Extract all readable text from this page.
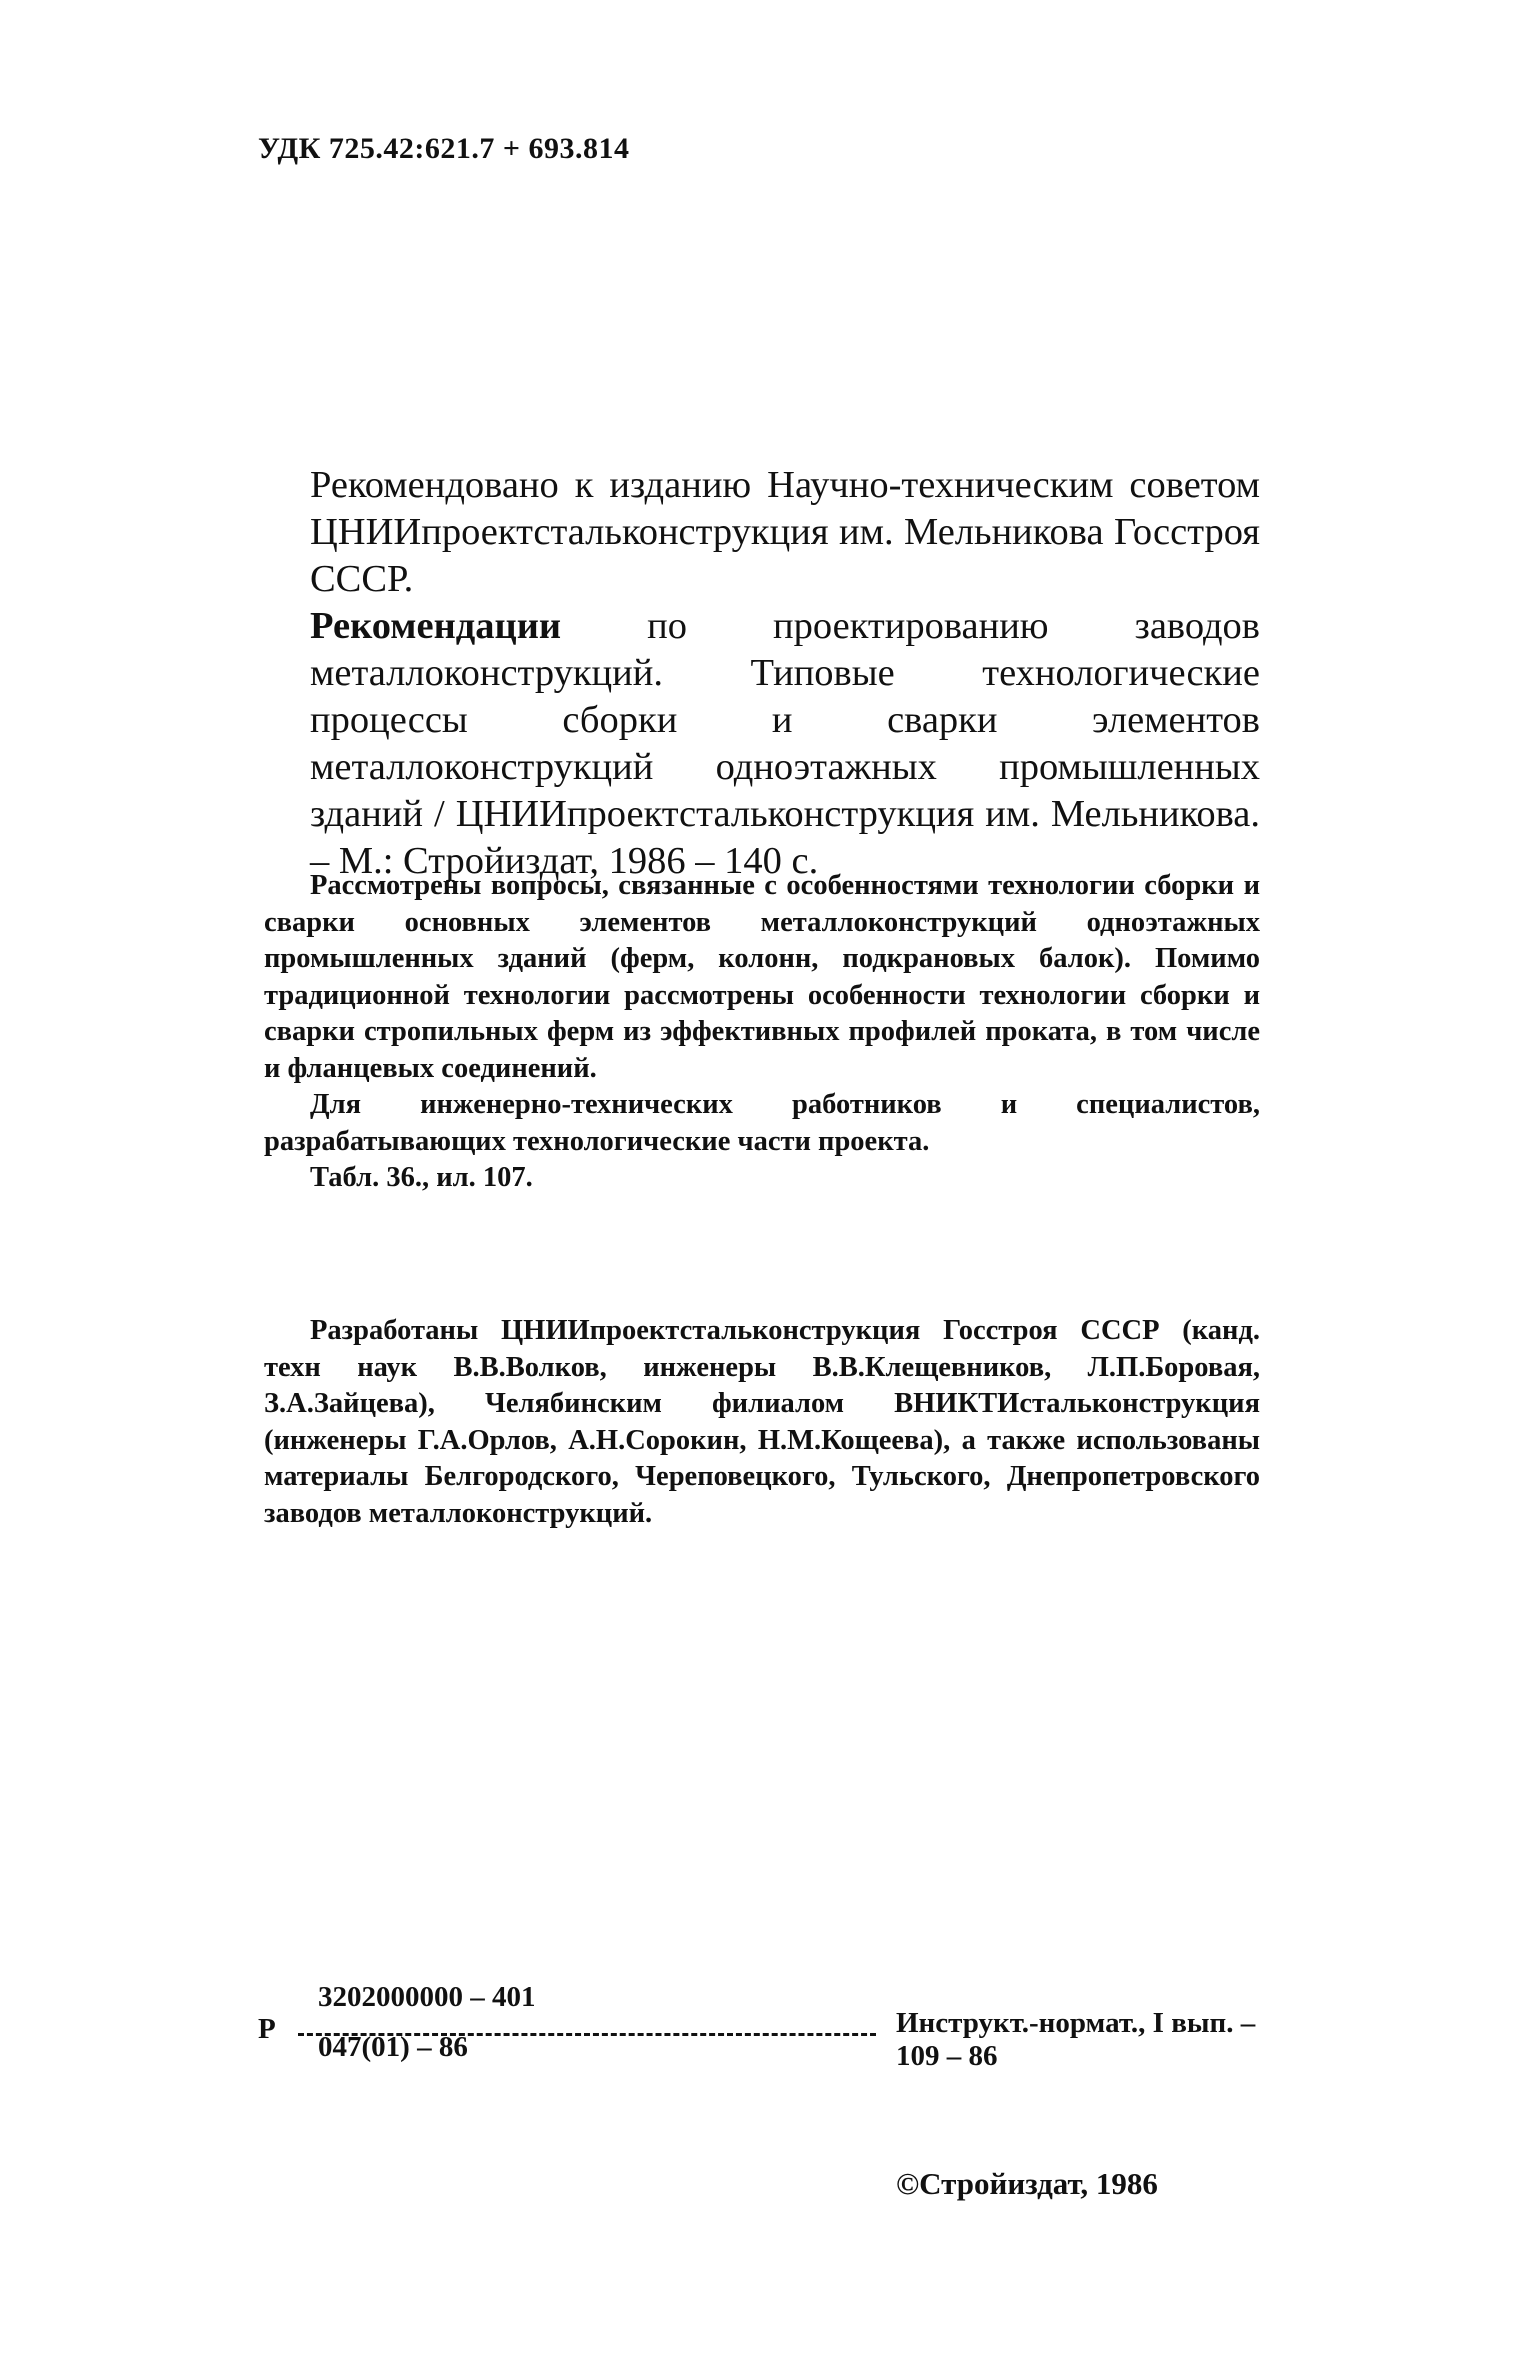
УДК 725.42:621.7 + 693.814

Рекомендовано к изданию Научно-техническим советом ЦНИИпроектстальконструкция им. Мельникова Госстроя СССР.

Рекомендации по проектированию заводов металлоконструкций. Типовые технологические процессы сборки и сварки элементов металлоконструкций одноэтажных промышленных зданий / ЦНИИпроектстальконструкция им. Мельникова. – М.: Стройиздат, 1986 – 140 с.

Рассмотрены вопросы, связанные с особенностями технологии сборки и сварки основных элементов металлоконструкций одноэтажных промышленных зданий (ферм, колонн, подкрановых балок). Помимо традиционной технологии рассмотрены особенности технологии сборки и сварки стропильных ферм из эффективных профилей проката, в том числе и фланцевых соединений.

Для инженерно-технических работников и специалистов, разрабатывающих технологические части проекта.

Табл. 36., ил. 107.

Разработаны ЦНИИпроектстальконструкция Госстроя СССР (канд. техн наук В.В.Волков, инженеры В.В.Клещевников, Л.П.Боровая, З.А.Зайцева), Челябинским филиалом ВНИКТИстальконструкция (инженеры Г.А.Орлов, А.Н.Сорокин, Н.М.Кощеева), а также использованы материалы Белгородского, Череповецкого, Тульского, Днепропетровского заводов металлоконструкций.

Р
3202000000 – 401
047(01) – 86
Инструкт.-нормат., I вып. – 109 – 86
©Стройиздат, 1986
